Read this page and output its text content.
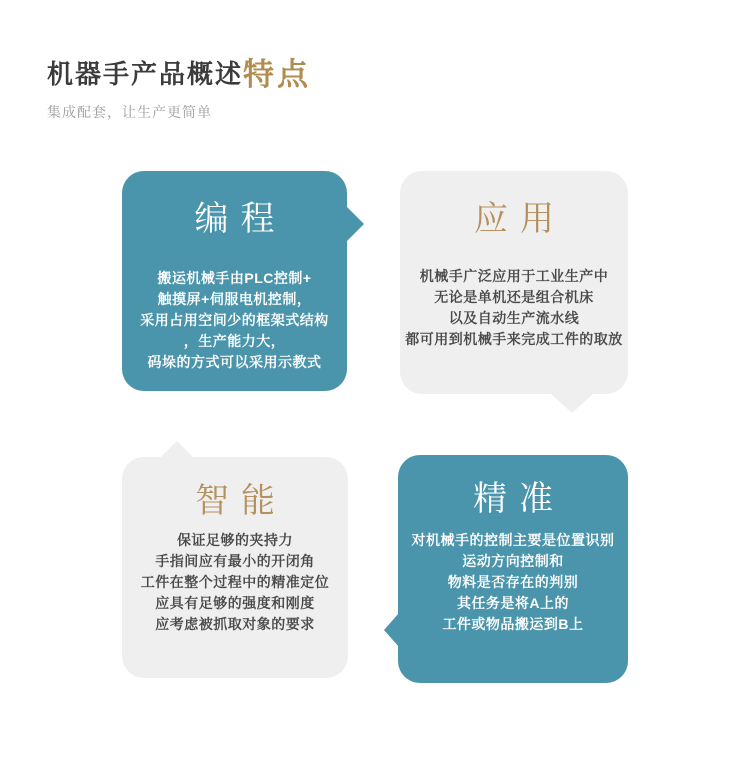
机器手产品概述特点

集成配套，让生产更简单

编程
搬运机械手由PLC控制+
触摸屏+伺服电机控制，
采用占用空间少的框架式结构
，生产能力大，
码垛的方式可以采用示教式
应用
机械手广泛应用于工业生产中
无论是单机还是组合机床
以及自动生产流水线
都可用到机械手来完成工件的取放
智能
保证足够的夹持力
手指间应有最小的开闭角
工件在整个过程中的精准定位
应具有足够的强度和刚度
应考虑被抓取对象的要求
精准
对机械手的控制主要是位置识别
运动方向控制和
物料是否存在的判别
其任务是将A上的
工件或物品搬运到B上
